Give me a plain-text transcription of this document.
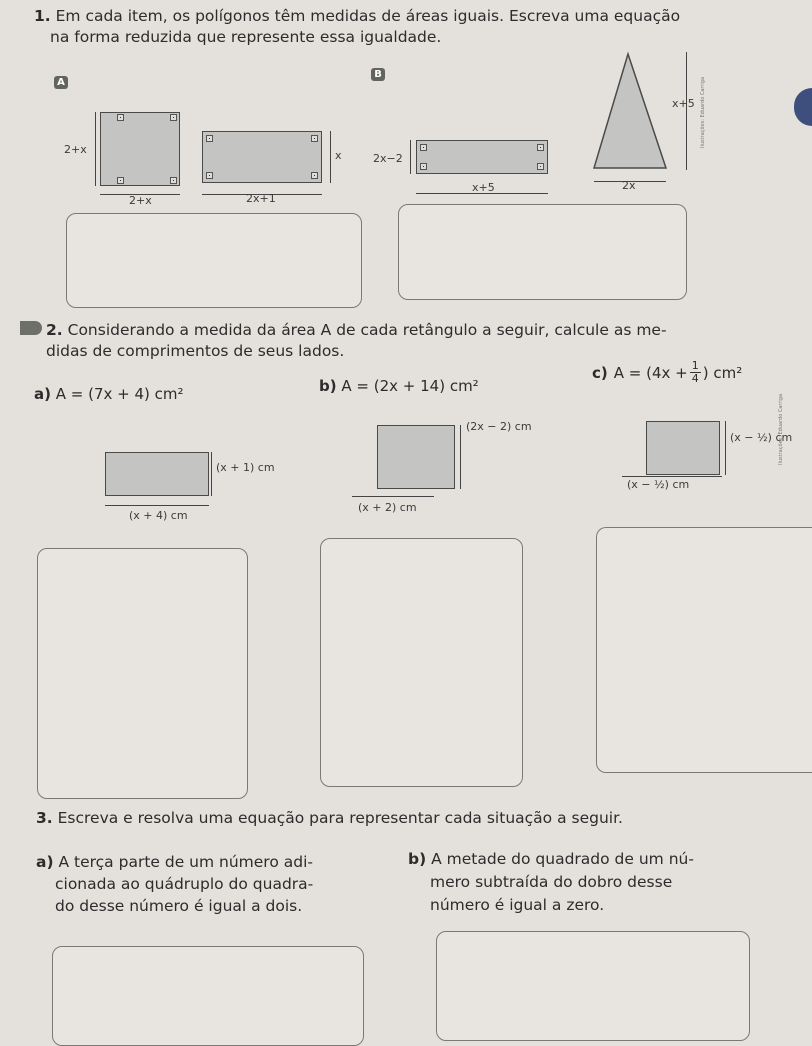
1. Em cada item, os polígonos têm medidas de áreas iguais. Escreva uma equação
na forma reduzida que represente essa igualdade.
A
B
2+x
2+x
x
2x+1
2x−2
x+5
x+5
2x
Ilustrações: Eduardo Carriga
2. Considerando a medida da área A de cada retângulo a seguir, calcule as me-
didas de comprimentos de seus lados.
a) A = (7x + 4) cm²	b) A = (2x + 14) cm²
c) $A = (4x + \frac{1}{4}$ ) cm²
(x + 1) cm
(x + 4) cm
(2x − 2) cm
(x + 2) cm
(x − ½) cm
(x − ½) cm
Ilustrações: Eduardo Carriga
3. Escreva e resolva uma equação para representar cada situação a seguir.
a) A terça parte de um número adi-
cionada ao quádruplo do quadra-
do desse número é igual a dois.
b) A metade do quadrado de um nú-
mero subtraída do dobro desse
número é igual a zero.
